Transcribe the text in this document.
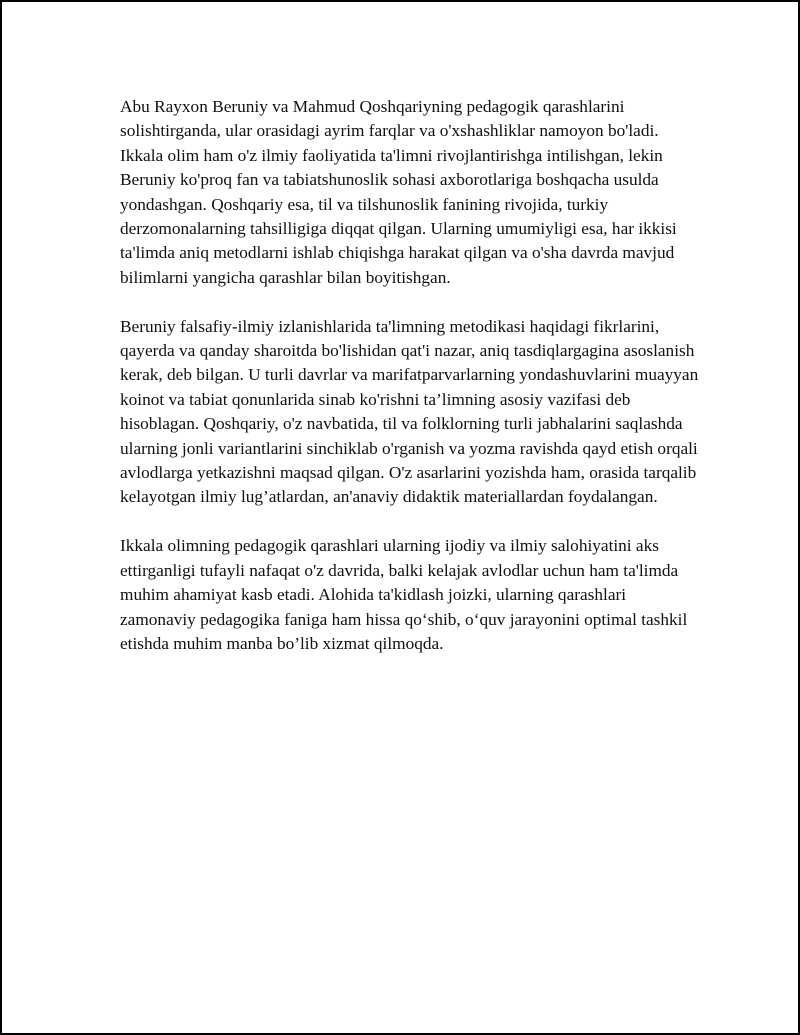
Abu Rayxon Beruniy va Mahmud Qoshqariyning pedagogik qarashlarini solishtirganda, ular orasidagi ayrim farqlar va o'xshashliklar namoyon bo'ladi. Ikkala olim ham o'z ilmiy faoliyatida ta'limni rivojlantirishga intilishgan, lekin Beruniy ko'proq fan va tabiatshunoslik sohasi axborotlariga boshqacha usulda yondashgan. Qoshqariy esa, til va tilshunoslik fanining rivojida, turkiy derzomonalarning tahsilligiga diqqat qilgan. Ularning umumiyligi esa, har ikkisi ta'limda aniq metodlarni ishlab chiqishga harakat qilgan va o'sha davrda mavjud bilimlarni yangicha qarashlar bilan boyitishgan.

Beruniy falsafiy-ilmiy izlanishlarida ta'limning metodikasi haqidagi fikrlarini, qayerda va qanday sharoitda bo'lishidan qat'i nazar, aniq tasdiqlargagina asoslanish kerak, deb bilgan. U turli davrlar va marifatparvarlarning yondashuvlarini muayyan koinot va tabiat qonunlarida sinab ko'rishni ta’limning asosiy vazifasi deb hisoblagan. Qoshqariy, o'z navbatida, til va folklorning turli jabhalarini saqlashda ularning jonli variantlarini sinchiklab o'rganish va yozma ravishda qayd etish orqali avlodlarga yetkazishni maqsad qilgan. O'z asarlarini yozishda ham, orasida tarqalib kelayotgan ilmiy lug’atlardan, an'anaviy didaktik materiallardan foydalangan.

Ikkala olimning pedagogik qarashlari ularning ijodiy va ilmiy salohiyatini aks ettirganligi tufayli nafaqat o'z davrida, balki kelajak avlodlar uchun ham ta'limda muhim ahamiyat kasb etadi. Alohida ta'kidlash joizki, ularning qarashlari zamonaviy pedagogika faniga ham hissa qo‘shib, o‘quv jarayonini optimal tashkil etishda muhim manba bo’lib xizmat qilmoqda.
